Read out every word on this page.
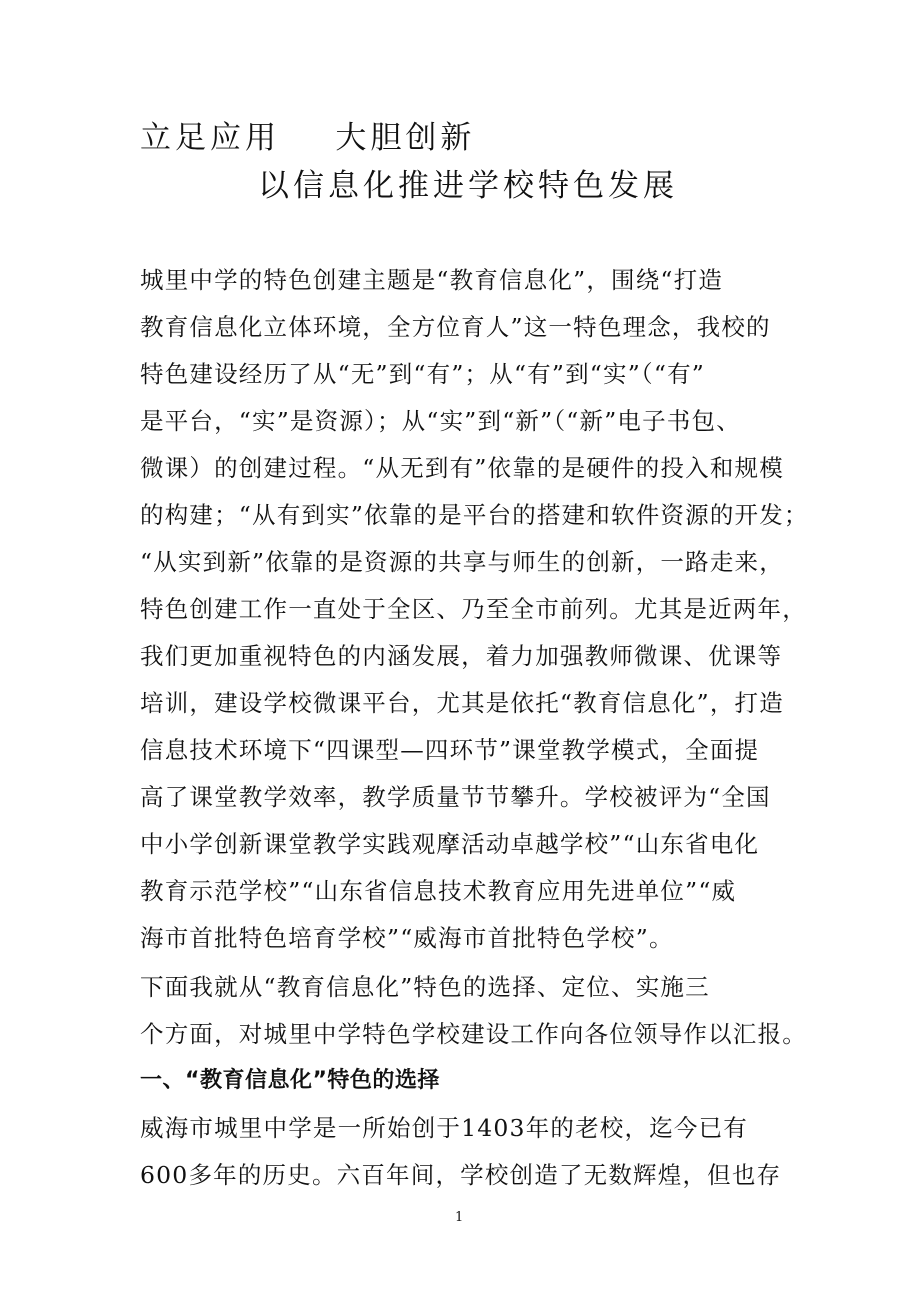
立足应用    大胆创新
以信息化推进学校特色发展
城里中学的特色创建主题是“教育信息化”，围绕“打造
教育信息化立体环境，全方位育人”这一特色理念，我校的
特色建设经历了从“无”到“有”；从“有”到“实”（“有”
是平台，“实”是资源）；从“实”到“新”（“新”电子书包、
微课）的创建过程。“从无到有”依靠的是硬件的投入和规模
的构建；“从有到实”依靠的是平台的搭建和软件资源的开发；
“从实到新”依靠的是资源的共享与师生的创新，一路走来，
特色创建工作一直处于全区、乃至全市前列。尤其是近两年，
我们更加重视特色的内涵发展，着力加强教师微课、优课等
培训，建设学校微课平台，尤其是依托“教育信息化”，打造
信息技术环境下“四课型—四环节”课堂教学模式，全面提
高了课堂教学效率，教学质量节节攀升。学校被评为“全国
中小学创新课堂教学实践观摩活动卓越学校”“山东省电化
教育示范学校”“山东省信息技术教育应用先进单位”“威
海市首批特色培育学校”“威海市首批特色学校”。
下面我就从“教育信息化”特色的选择、定位、实施三
个方面，对城里中学特色学校建设工作向各位领导作以汇报。
一、“教育信息化”特色的选择
威海市城里中学是一所始创于1403年的老校，迄今已有
600多年的历史。六百年间，学校创造了无数辉煌，但也存
1
